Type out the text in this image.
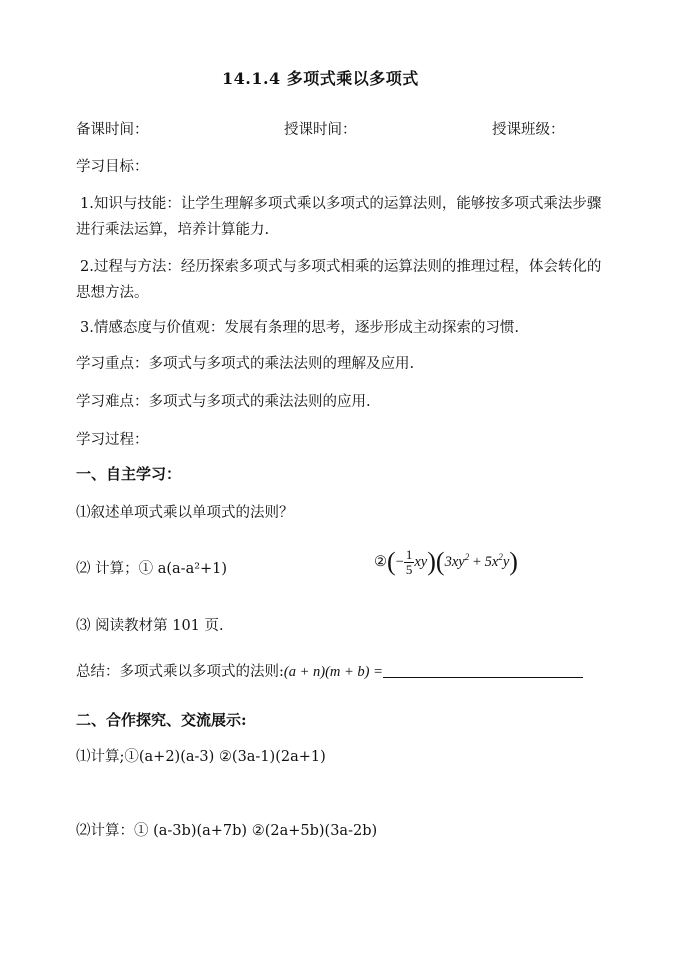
14.1.4 多项式乘以多项式
备课时间：	授课时间：	授课班级：
学习目标：
1.知识与技能：让学生理解多项式乘以多项式的运算法则，能够按多项式乘法步骤
进行乘法运算，培养计算能力.
2.过程与方法：经历探索多项式与多项式相乘的运算法则的推理过程，体会转化的
思想方法。
3.情感态度与价值观：发展有条理的思考，逐步形成主动探索的习惯.
学习重点：多项式与多项式的乘法法则的理解及应用.
学习难点：多项式与多项式的乘法法则的应用.
学习过程：
一、自主学习：
⑴叙述单项式乘以单项式的法则？
⑵ 计算；① a(a-a²+1)	②(− $\frac{1}{5} xy)(3xy^2 + 5x^2y)$
⑶ 阅读教材第 101 页.
总结：多项式乘以多项式的法则:(a + n)(m + b) =
二、合作探究、交流展示:
⑴计算;①(a+2)(a-3) ②(3a-1)(2a+1)
⑵计算：① (a-3b)(a+7b) ②(2a+5b)(3a-2b)
